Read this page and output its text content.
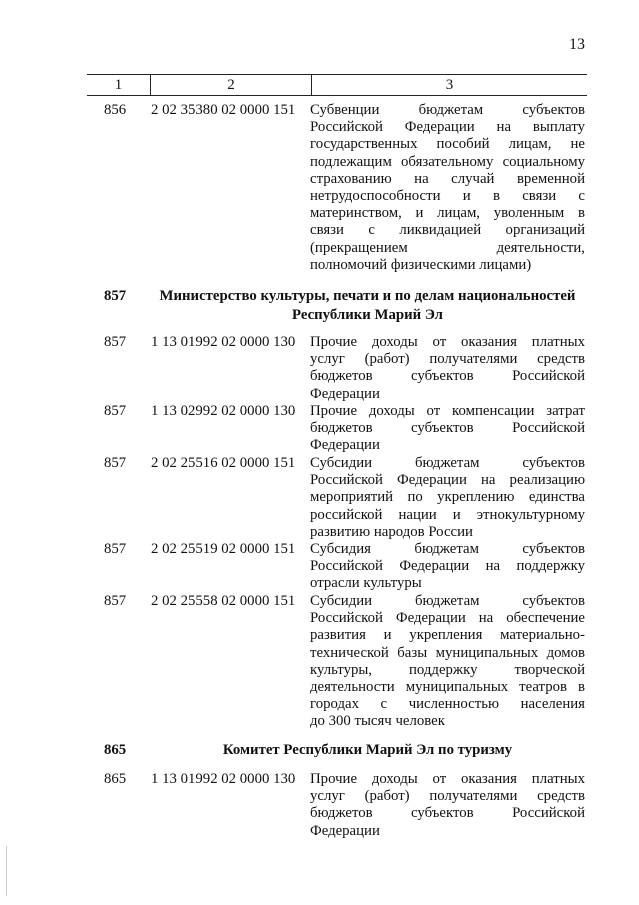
13
1	2	3
856	2 02 35380 02 0000 151 Субвенции бюджетам субъектов
Российской Федерации на выплату
государственных пособий лицам, не
подлежащим обязательному социальному
страхованию на случай временной
нетрудоспособности и в связи с
материнством, и лицам, уволенным в
связи с ликвидацией организаций
(прекращением деятельности,
полномочий физическими лицами)
857	Министерство культуры, печати и по делам национальностей
Республики Марий Эл
857	1 13 01992 02 0000 130 Прочие доходы от оказания платных
услуг (работ) получателями средств
бюджетов субъектов Российской
Федерации
857	1 13 02992 02 0000 130 Прочие доходы от компенсации затрат
бюджетов субъектов Российской
Федерации
857	2 02 25516 02 0000 151 Субсидии бюджетам субъектов
Российской Федерации на реализацию
мероприятий по укреплению единства
российской нации и этнокультурному
развитию народов России
857	2 02 25519 02 0000 151 Субсидия бюджетам субъектов
Российской Федерации на поддержку
отрасли культуры
857	2 02 25558 02 0000 151 Субсидии бюджетам субъектов
Российской Федерации на обеспечение
развития и укрепления материально-
технической базы муниципальных домов
культуры, поддержку творческой
деятельности муниципальных театров в
городах с численностью населения
до 300 тысяч человек
865	Комитет Республики Марий Эл по туризму
865	1 13 01992 02 0000 130 Прочие доходы от оказания платных
услуг (работ) получателями средств
бюджетов субъектов Российской
Федерации
